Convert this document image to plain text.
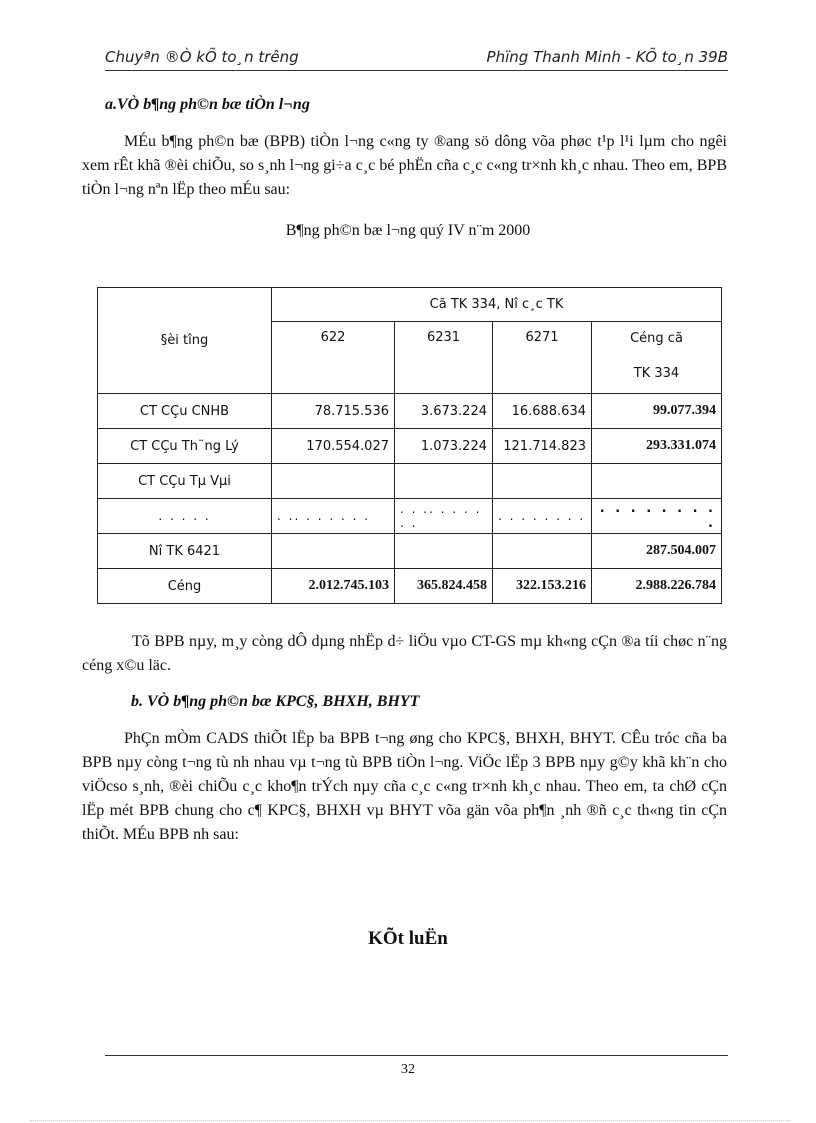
Chuyªn ®Ò kÕ to¸n trêng	Phïng Thanh Minh - KÕ to¸n 39B
a.VÒ b¶ng ph©n bæ tiÒn l¬ng

MÉu b¶ng ph©n bæ (BPB) tiÒn l¬ng c«ng ty ®ang sö dông võa phøc t¹p l¹i lµm cho ngêi xem rÊt khã ®èi chiÕu, so s¸nh l¬ng gi÷a c¸c bé phËn cña c¸c c«ng tr×nh kh¸c nhau. Theo em, BPB tiÒn l¬ng nªn lËp theo mÉu sau:

B¶ng ph©n bæ l¬ng quý IV n¨m 2000
§èi tîng	Cã TK 334, Nî c¸c TK			
	622	6231	6271	Céng cã
TK 334

CT CÇu CNHB	78.715.536	3.673.224	16.688.634	99.077.394
CT CÇu Th¨ng Lý	170.554.027	1.073.224	121.714.823	293.331.074
CT CÇu Tµ Vµi				
. . . . .	. .. . . . . . .	. . .. . . . . . .	. . . . . . . .	. . . . . . . . .
Nî TK 6421				287.504.007
Céng	2.012.745.103	365.824.458	322.153.216	2.988.226.784

Tõ BPB nµy, m¸y còng dÔ dµng nhËp d÷ liÖu vµo CT-GS mµ kh«ng cÇn ®a tíi chøc n¨ng céng x©u läc.

b. VÒ b¶ng ph©n bæ KPC§, BHXH, BHYT

PhÇn mÒm CADS thiÕt lËp ba BPB t¬ng øng cho KPC§, BHXH, BHYT. CÊu tróc cña ba BPB nµy còng t¬ng tù nh nhau vµ t¬ng tù BPB tiÒn l¬ng. ViÖc lËp 3 BPB nµy g©y khã kh¨n cho viÖcso s¸nh, ®èi chiÕu c¸c kho¶n trÝch nµy cña c¸c c«ng tr×nh kh¸c nhau. Theo em, ta chØ cÇn lËp mét BPB chung cho c¶ KPC§, BHXH vµ BHYT võa gän võa ph¶n ¸nh ®ñ c¸c th«ng tin cÇn thiÕt. MÉu BPB nh sau:

KÕt luËn
32
